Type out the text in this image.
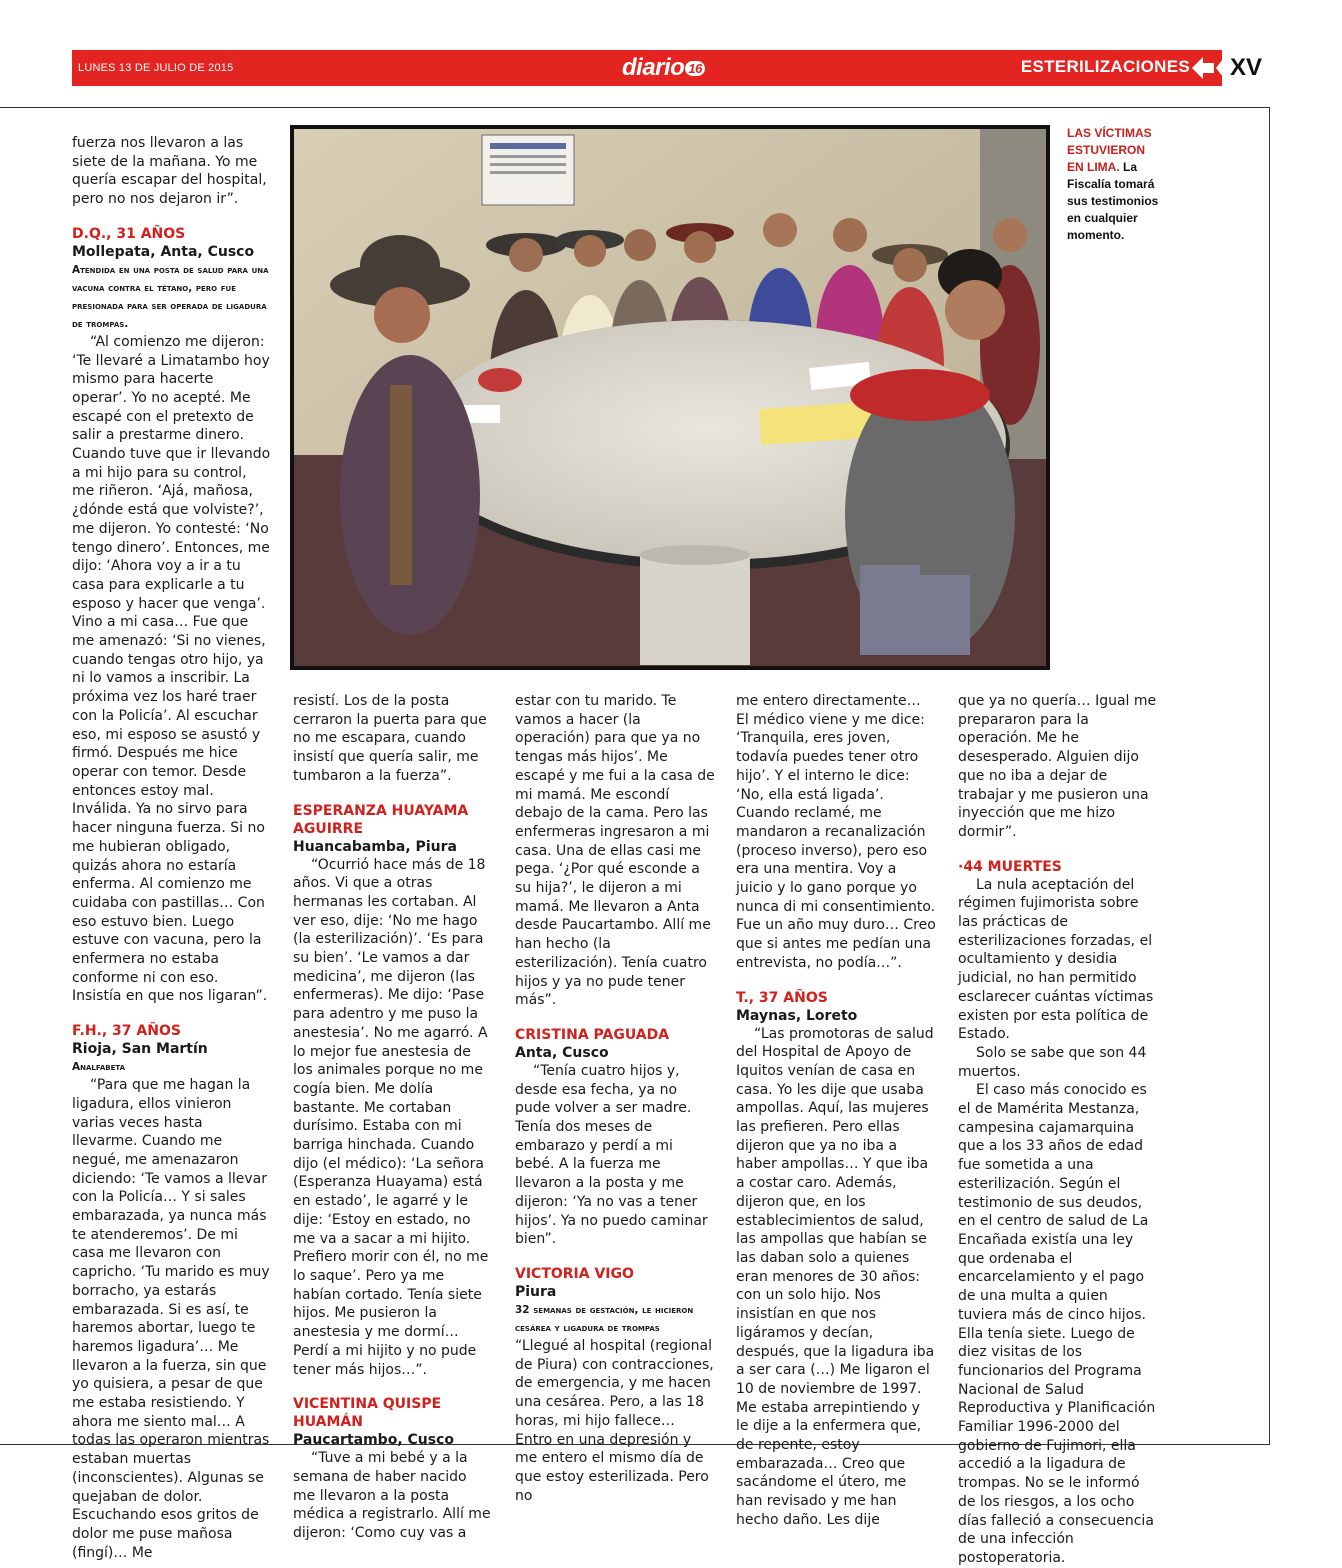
LUNES 13 DE JULIO DE 2015	diario 16	ESTERILIZACIONES	XV
LAS VÍCTIMAS ESTUVIERON EN LIMA. La Fiscalía tomará sus testimonios en cualquier momento.

fuerza nos llevaron a las siete de la mañana. Yo me quería escapar del hospital, pero no nos dejaron ir”.

D.Q., 31 AÑOS

Mollepata, Anta, Cusco

Atendida en una posta de salud para una vacuna contra el tétano, pero fue presionada para ser operada de ligadura de trompas.

“Al comienzo me dijeron: ‘Te llevaré a Limatambo hoy mismo para hacerte operar’. Yo no acepté. Me escapé con el pretexto de salir a prestarme dinero. Cuando tuve que ir llevando a mi hijo para su control, me riñeron. ‘Ajá, mañosa, ¿dónde está que volviste?’, me dijeron. Yo contesté: ‘No tengo dinero’. Entonces, me dijo: ‘Ahora voy a ir a tu casa para explicarle a tu esposo y hacer que venga’. Vino a mi casa… Fue que me amenazó: ‘Si no vienes, cuando tengas otro hijo, ya ni lo vamos a inscribir. La próxima vez los haré traer con la Policía’. Al escuchar eso, mi esposo se asustó y firmó. Después me hice operar con temor. Desde entonces estoy mal. Inválida. Ya no sirvo para hacer ninguna fuerza. Si no me hubieran obligado, quizás ahora no estaría enferma. Al comienzo me cuidaba con pastillas… Con eso estuvo bien. Luego estuve con vacuna, pero la enfermera no estaba conforme ni con eso. Insistía en que nos ligaran”.

F.H., 37 AÑOS

Rioja, San Martín

Analfabeta

“Para que me hagan la ligadura, ellos vinieron varias veces hasta llevarme. Cuando me negué, me amenazaron diciendo: ‘Te vamos a llevar con la Policía… Y si sales embarazada, ya nunca más te atenderemos’. De mi casa me llevaron con capricho. ‘Tu marido es muy borracho, ya estarás embarazada. Si es así, te haremos abortar, luego te haremos ligadura’… Me llevaron a la fuerza, sin que yo quisiera, a pesar de que me estaba resistiendo. Y ahora me siento mal… A todas las operaron mientras estaban muertas (inconscientes). Algunas se quejaban de dolor. Escuchando esos gritos de dolor me puse mañosa (fingí)… Me

resistí. Los de la posta cerraron la puerta para que no me escapara, cuando insistí que quería salir, me tumbaron a la fuerza”.

ESPERANZA HUAYAMA AGUIRRE

Huancabamba, Piura

“Ocurrió hace más de 18 años. Vi que a otras hermanas les cortaban. Al ver eso, dije: ‘No me hago (la esterilización)’. ‘Es para su bien’. ‘Le vamos a dar medicina’, me dijeron (las enfermeras). Me dijo: ‘Pase para adentro y me puso la anestesia’. No me agarró. A lo mejor fue anestesia de los animales porque no me cogía bien. Me dolía bastante. Me cortaban durísimo. Estaba con mi barriga hinchada. Cuando dijo (el médico): ‘La señora (Esperanza Huayama) está en estado’, le agarré y le dije: ‘Estoy en estado, no me va a sacar a mi hijito. Prefiero morir con él, no me lo saque’. Pero ya me habían cortado. Tenía siete hijos. Me pusieron la anestesia y me dormí… Perdí a mi hijito y no pude tener más hijos…”.

VICENTINA QUISPE HUAMÁN

Paucartambo, Cusco

“Tuve a mi bebé y a la semana de haber nacido me llevaron a la posta médica a registrarlo. Allí me dijeron: ‘Como cuy vas a

estar con tu marido. Te vamos a hacer (la operación) para que ya no tengas más hijos’. Me escapé y me fui a la casa de mi mamá. Me escondí debajo de la cama. Pero las enfermeras ingresaron a mi casa. Una de ellas casi me pega. ‘¿Por qué esconde a su hija?’, le dijeron a mi mamá. Me llevaron a Anta desde Paucartambo. Allí me han hecho (la esterilización). Tenía cuatro hijos y ya no pude tener más”.

CRISTINA PAGUADA

Anta, Cusco

“Tenía cuatro hijos y, desde esa fecha, ya no pude volver a ser madre. Tenía dos meses de embarazo y perdí a mi bebé. A la fuerza me llevaron a la posta y me dijeron: ‘Ya no vas a tener hijos’. Ya no puedo caminar bien”.

VICTORIA VIGO

Piura

32 semanas de gestación, le hicieron cesárea y ligadura de trompas

“Llegué al hospital (regional de Piura) con contracciones, de emergencia, y me hacen una cesárea. Pero, a las 18 horas, mi hijo fallece… Entro en una depresión y me entero el mismo día de que estoy esterilizada. Pero no

me entero directamente… El médico viene y me dice: ‘Tranquila, eres joven, todavía puedes tener otro hijo’. Y el interno le dice: ‘No, ella está ligada’. Cuando reclamé, me mandaron a recanalización (proceso inverso), pero eso era una mentira. Voy a juicio y lo gano porque yo nunca di mi consentimiento. Fue un año muy duro… Creo que si antes me pedían una entrevista, no podía…”.

T., 37 AÑOS

Maynas, Loreto

“Las promotoras de salud del Hospital de Apoyo de Iquitos venían de casa en casa. Yo les dije que usaba ampollas. Aquí, las mujeres las prefieren. Pero ellas dijeron que ya no iba a haber ampollas… Y que iba a costar caro. Además, dijeron que, en los establecimientos de salud, las ampollas que habían se las daban solo a quienes eran menores de 30 años: con un solo hijo. Nos insistían en que nos ligáramos y decían, después, que la ligadura iba a ser cara (…) Me ligaron el 10 de noviembre de 1997. Me estaba arrepintiendo y le dije a la enfermera que, de repente, estoy embarazada… Creo que sacándome el útero, me han revisado y me han hecho daño. Les dije

que ya no quería… Igual me prepararon para la operación. Me he desesperado. Alguien dijo que no iba a dejar de trabajar y me pusieron una inyección que me hizo dormir”.

·44 MUERTES

La nula aceptación del régimen fujimorista sobre las prácticas de esterilizaciones forzadas, el ocultamiento y desidia judicial, no han permitido esclarecer cuántas víctimas existen por esta política de Estado.

Solo se sabe que son 44 muertos.

El caso más conocido es el de Mamérita Mestanza, campesina cajamarquina que a los 33 años de edad fue sometida a una esterilización. Según el testimonio de sus deudos, en el centro de salud de La Encañada existía una ley que ordenaba el encarcelamiento y el pago de una multa a quien tuviera más de cinco hijos. Ella tenía siete. Luego de diez visitas de los funcionarios del Programa Nacional de Salud Reproductiva y Planificación Familiar 1996-2000 del gobierno de Fujimori, ella accedió a la ligadura de trompas. No se le informó de los riesgos, a los ocho días falleció a consecuencia de una infección postoperatoria.
